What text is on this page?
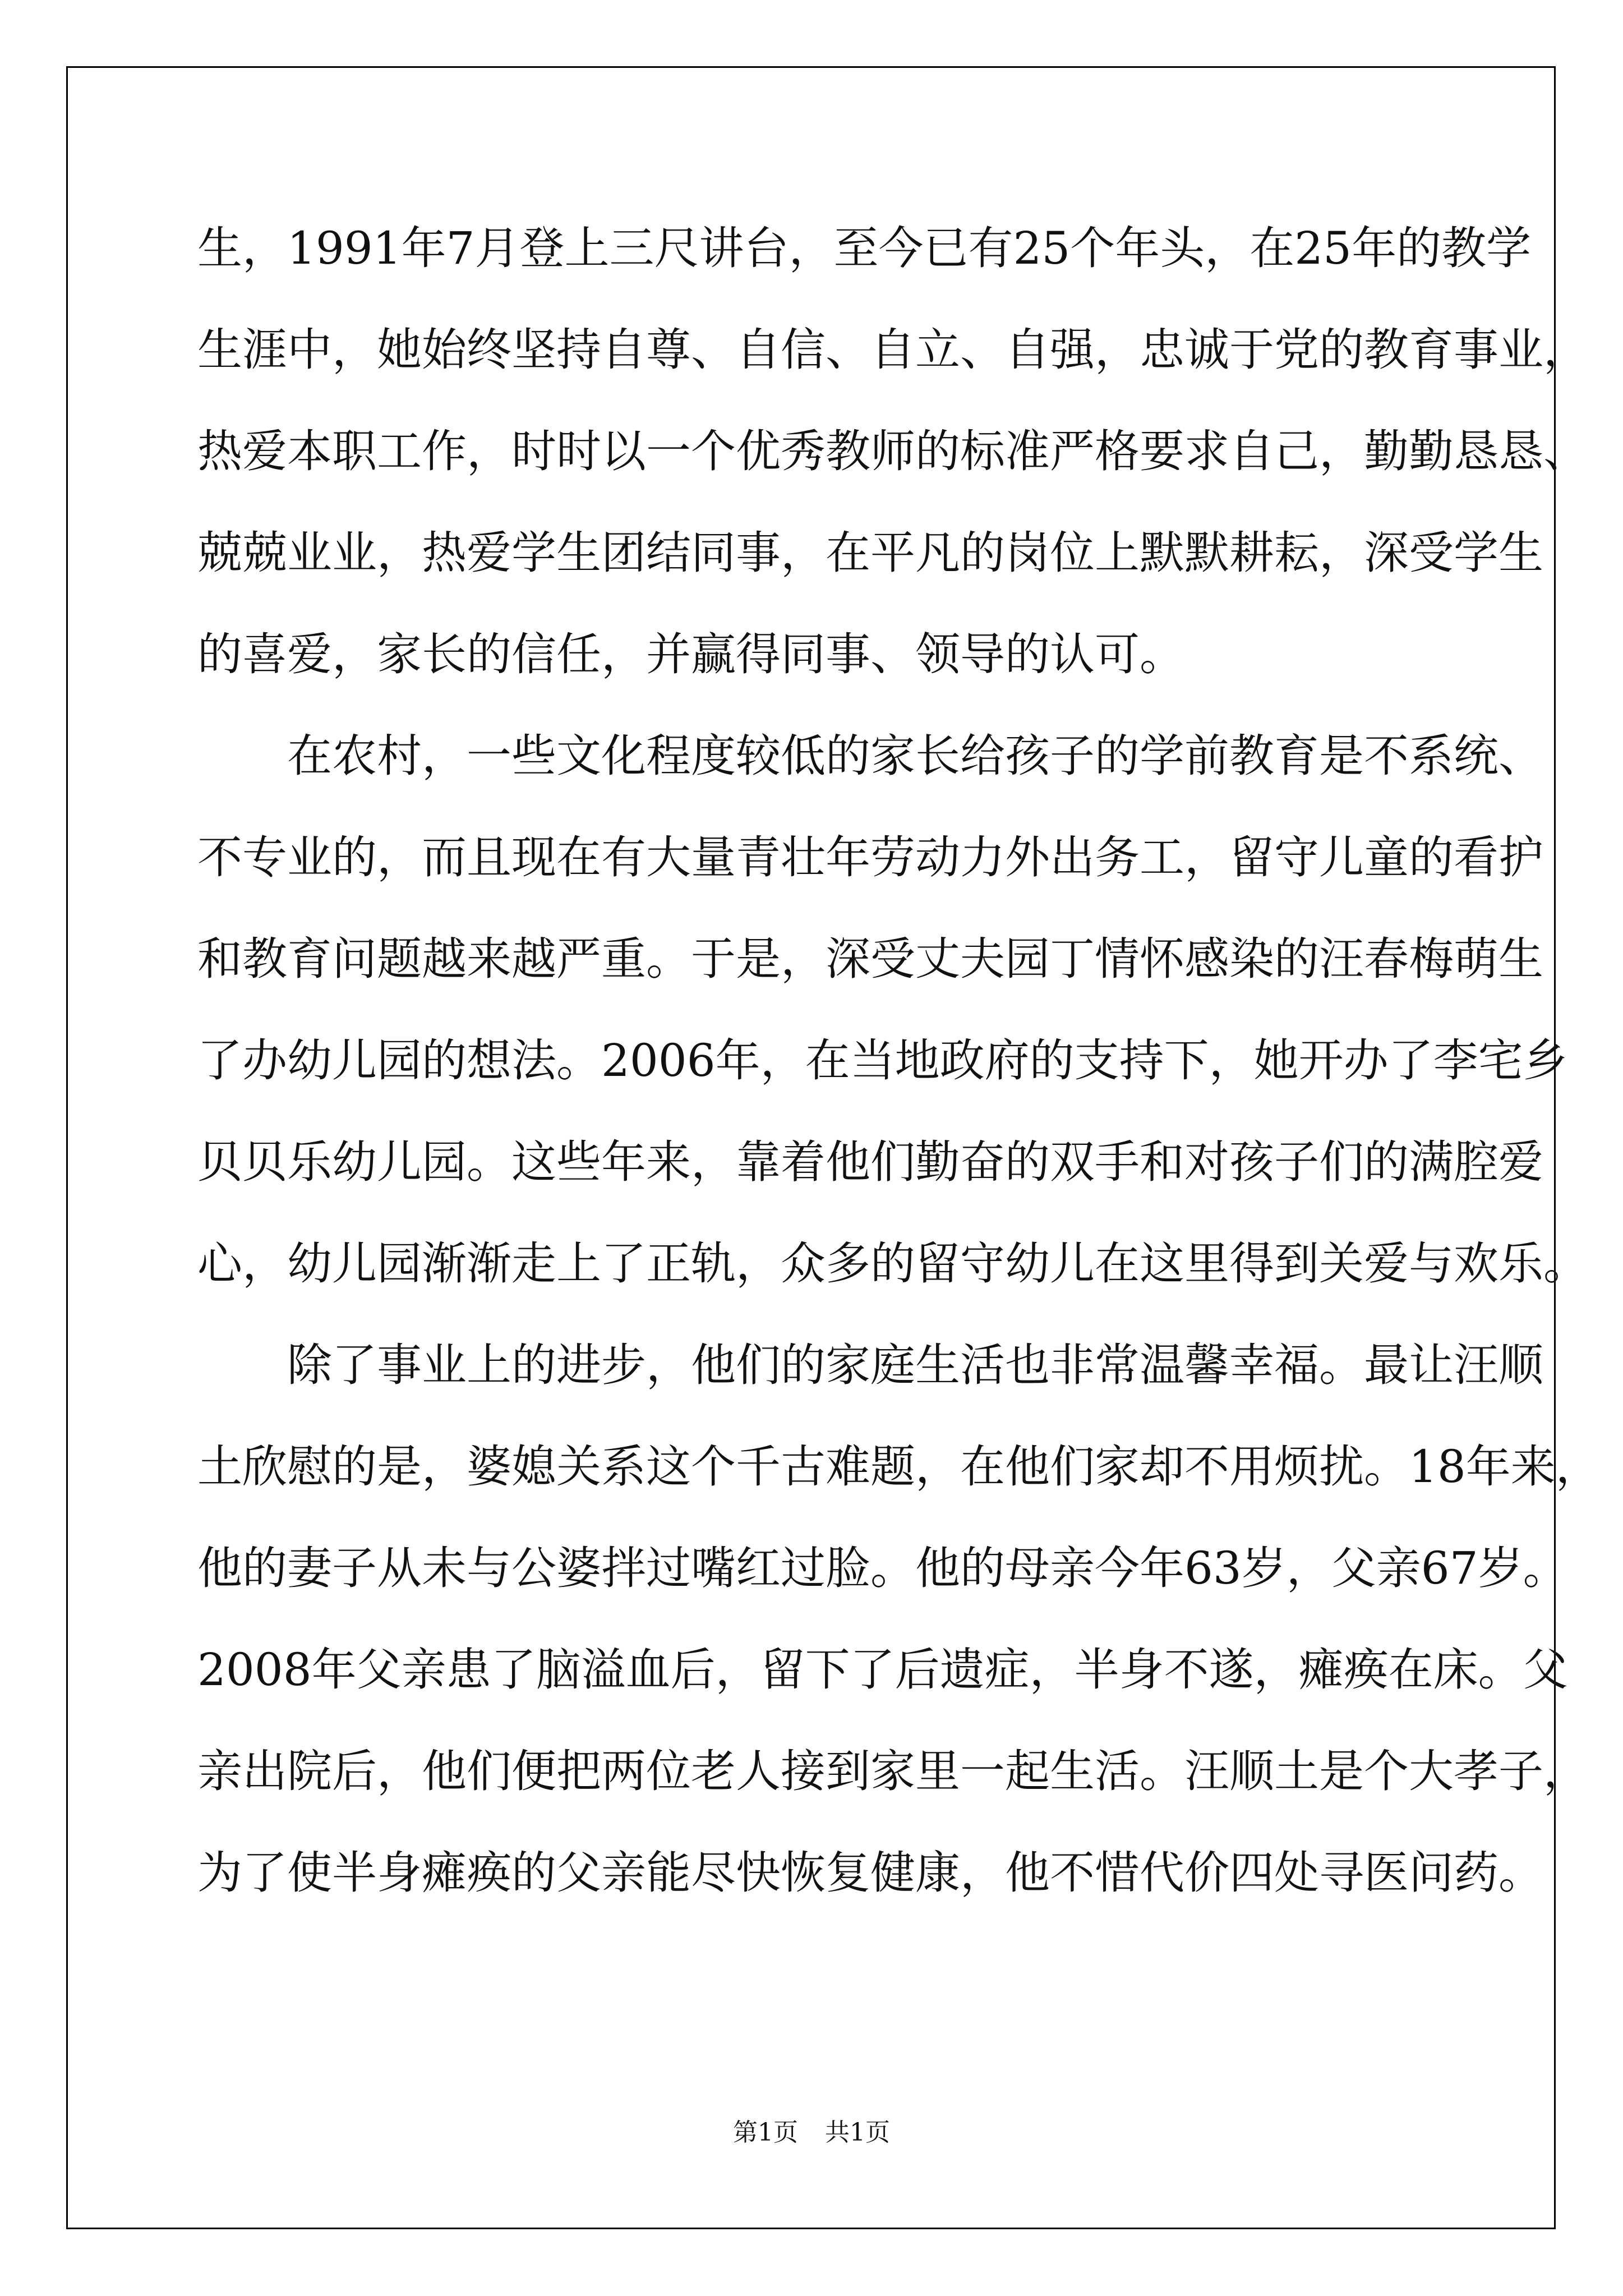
生，1991年7月登上三尺讲台，至今已有25个年头，在25年的教学
生涯中，她始终坚持自尊、自信、自立、自强，忠诚于党的教育事业，
热爱本职工作，时时以一个优秀教师的标准严格要求自己，勤勤恳恳、
兢兢业业，热爱学生团结同事，在平凡的岗位上默默耕耘，深受学生
的喜爱，家长的信任，并赢得同事、领导的认可。
　　在农村，一些文化程度较低的家长给孩子的学前教育是不系统、
不专业的，而且现在有大量青壮年劳动力外出务工，留守儿童的看护
和教育问题越来越严重。于是，深受丈夫园丁情怀感染的汪春梅萌生
了办幼儿园的想法。2006年，在当地政府的支持下，她开办了李宅乡
贝贝乐幼儿园。这些年来，靠着他们勤奋的双手和对孩子们的满腔爱
心，幼儿园渐渐走上了正轨，众多的留守幼儿在这里得到关爱与欢乐。
　　除了事业上的进步，他们的家庭生活也非常温馨幸福。最让汪顺
土欣慰的是，婆媳关系这个千古难题，在他们家却不用烦扰。18年来，
他的妻子从未与公婆拌过嘴红过脸。他的母亲今年63岁，父亲67岁。
2008年父亲患了脑溢血后，留下了后遗症，半身不遂，瘫痪在床。父
亲出院后，他们便把两位老人接到家里一起生活。汪顺土是个大孝子，
为了使半身瘫痪的父亲能尽快恢复健康，他不惜代价四处寻医问药。
第1页 共1页
